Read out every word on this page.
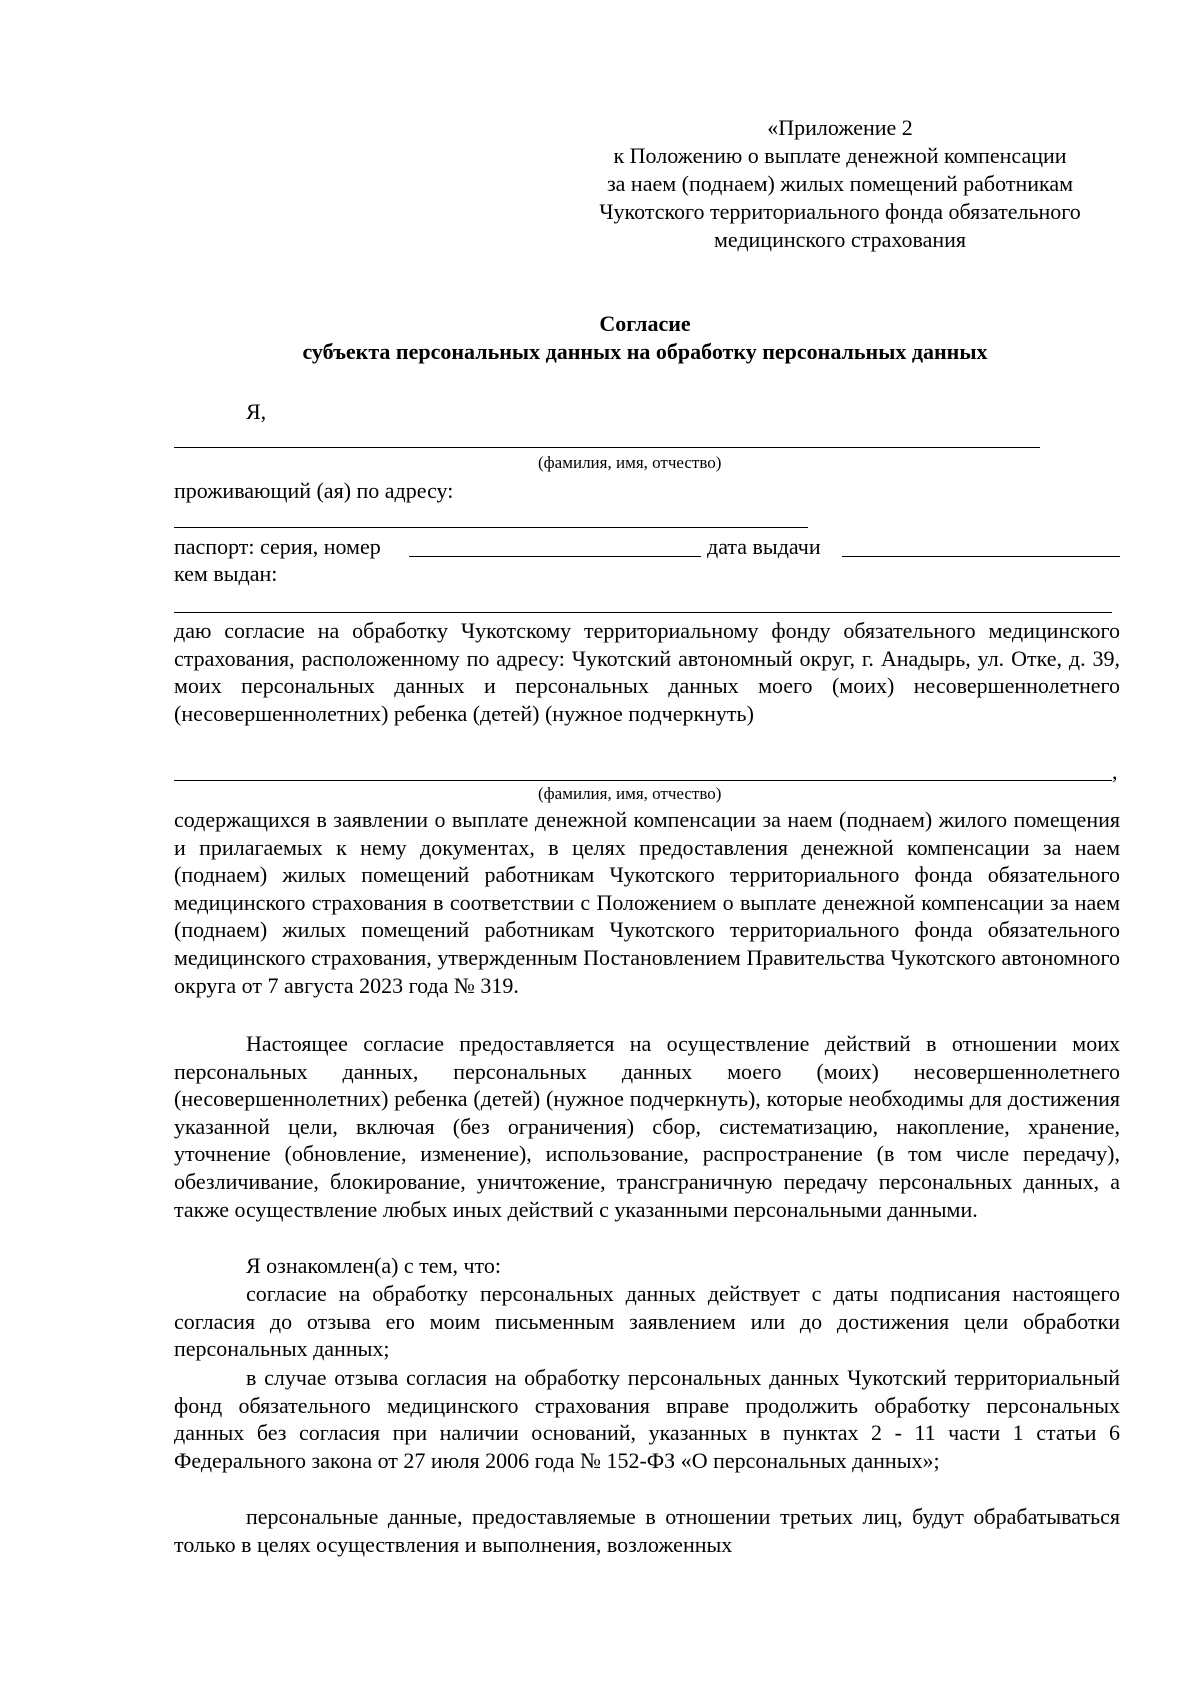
«Приложение 2
к Положению о выплате денежной компенсации
за наем (поднаем) жилых помещений работникам
Чукотского территориального фонда обязательного
медицинского страхования
Согласие
субъекта персональных данных на обработку персональных данных
Я,
(фамилия, имя, отчество)
проживающий (ая) по адресу:
паспорт: серия, номер	дата выдачи
кем выдан:
даю согласие на обработку Чукотскому территориальному фонду обязательного медицинского страхования, расположенному по адресу: Чукотский автономный округ, г. Анадырь, ул. Отке, д. 39, моих персональных данных и персональных данных моего (моих) несовершеннолетнего (несовершеннолетних) ребенка (детей) (нужное подчеркнуть)
,
(фамилия, имя, отчество)
содержащихся в заявлении о выплате денежной компенсации за наем (поднаем) жилого помещения и прилагаемых к нему документах, в целях предоставления денежной компенсации за наем (поднаем) жилых помещений работникам Чукотского территориального фонда обязательного медицинского страхования в соответствии с Положением о выплате денежной компенсации за наем (поднаем) жилых помещений работникам Чукотского территориального фонда обязательного медицинского страхования, утвержденным Постановлением Правительства Чукотского автономного округа от 7 августа 2023 года № 319.
Настоящее согласие предоставляется на осуществление действий в отношении моих персональных данных, персональных данных моего (моих) несовершеннолетнего (несовершеннолетних) ребенка (детей) (нужное подчеркнуть), которые необходимы для достижения указанной цели, включая (без ограничения) сбор, систематизацию, накопление, хранение, уточнение (обновление, изменение), использование, распространение (в том числе передачу), обезличивание, блокирование, уничтожение, трансграничную передачу персональных данных, а также осуществление любых иных действий с указанными персональными данными.
Я ознакомлен(а) с тем, что:
согласие на обработку персональных данных действует с даты подписания настоящего согласия до отзыва его моим письменным заявлением или до достижения цели обработки персональных данных;
в случае отзыва согласия на обработку персональных данных Чукотский территориальный фонд обязательного медицинского страхования вправе продолжить обработку персональных данных без согласия при наличии оснований, указанных в пунктах 2 - 11 части 1 статьи 6 Федерального закона от 27 июля 2006 года № 152-ФЗ «О персональных данных»;
персональные данные, предоставляемые в отношении третьих лиц, будут обрабатываться только в целях осуществления и выполнения, возложенных
